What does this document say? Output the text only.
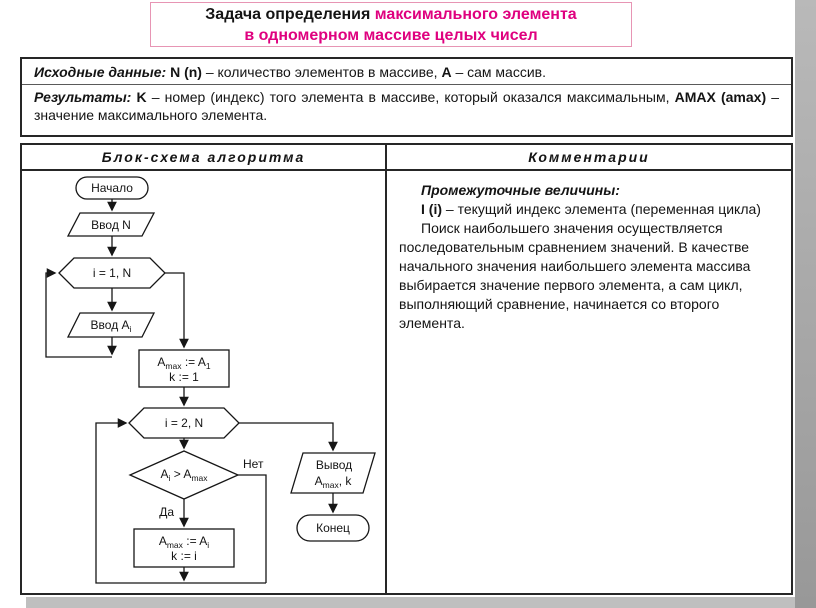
Задача определения максимального элемента
в одномерном массиве целых чисел
Исходные данные: N (n) – количество элементов в массиве, A – сам массив.
Результаты: K – номер (индекс) того элемента в массиве, который оказался максимальным, AMAX (amax) – значение максимального элемента.
Блок-схема алгоритма
Начало
Ввод N
i = 1, N
Ввод $A_i$
$A_{max}$ := $A_1$
k := 1
i = 2, N
$A_i > A_{max}$
Нет
Да
Вывод
$A_{max}$, k
$A_{max}$ := $A_i$
k := i
Конец
Комментарии

Промежуточные величины:

I (i) – текущий индекс элемента (переменная цикла)

Поиск наибольшего значения осуществляется последовательным сравнением значений. В качестве начального значения наибольшего элемента массива выбирается значение первого элемента, а сам цикл, выполняющий сравнение, начинается со второго элемента.
